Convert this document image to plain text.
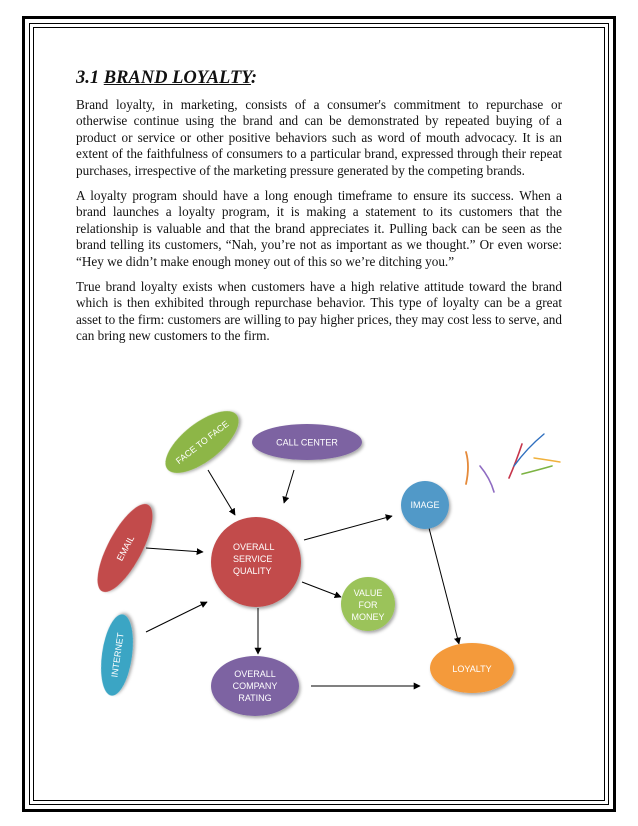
3.1 BRAND LOYALTY:

Brand loyalty, in marketing, consists of a consumer's commitment to repurchase or otherwise continue using the brand and can be demonstrated by repeated buying of a product or service or other positive behaviors such as word of mouth advocacy. It is an extent of the faithfulness of consumers to a particular brand, expressed through their repeat purchases, irrespective of the marketing pressure generated by the competing brands.

A loyalty program should have a long enough timeframe to ensure its success. When a brand launches a loyalty program, it is making a statement to its customers that the relationship is valuable and that the brand appreciates it. Pulling back can be seen as the brand telling its customers, “Nah, you’re not as important as we thought.” Or even worse: “Hey we didn’t make enough money out of this so we’re ditching you.”

True brand loyalty exists when customers have a high relative attitude toward the brand which is then exhibited through repurchase behavior. This type of loyalty can be a great asset to the firm: customers are willing to pay higher prices, they may cost less to serve, and can bring new customers to the firm.

FACE TO FACE	CALL CENTER
EMAIL
INTERNET
OVERALL
SERVICE
QUALITY
VALUE
FOR
MONEY
IMAGE
OVERALL
COMPANY
RATING
LOYALTY
